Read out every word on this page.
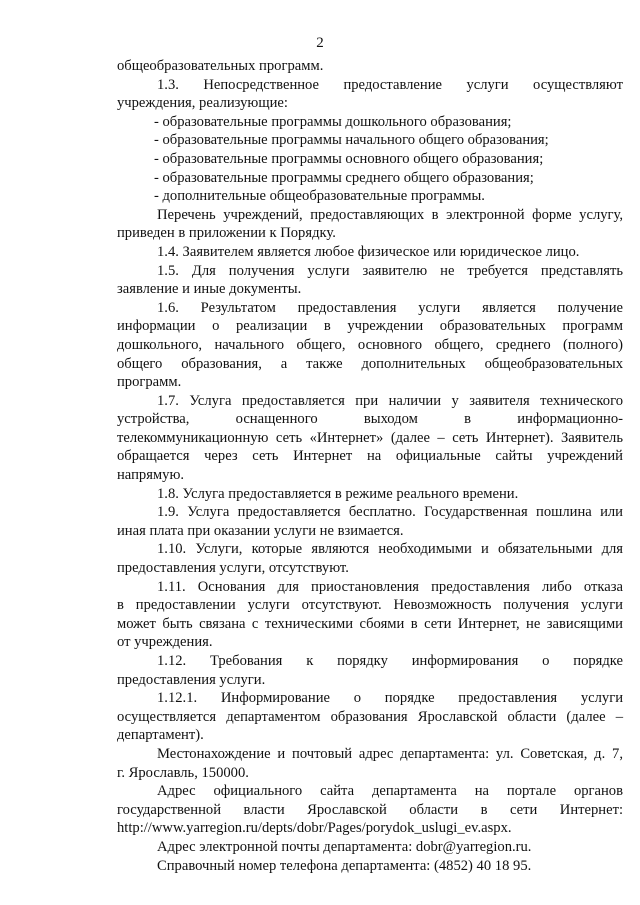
2
общеобразовательных программ.
1.3. Непосредственное предоставление услуги осуществляют
учреждения, реализующие:
- образовательные программы дошкольного образования;
- образовательные программы начального общего образования;
- образовательные программы основного общего образования;
- образовательные программы среднего общего образования;
- дополнительные общеобразовательные программы.
Перечень учреждений, предоставляющих в электронной форме услугу,
приведен в приложении к Порядку.
1.4. Заявителем является любое физическое или юридическое лицо.
1.5. Для получения услуги заявителю не требуется представлять
заявление и иные документы.
1.6. Результатом предоставления услуги является получение
информации о реализации в учреждении образовательных программ
дошкольного, начального общего, основного общего, среднего (полного)
общего образования, а также дополнительных общеобразовательных
программ.
1.7. Услуга предоставляется при наличии у заявителя технического
устройства, оснащенного выходом в информационно-
телекоммуникационную сеть «Интернет» (далее – сеть Интернет). Заявитель
обращается через сеть Интернет на официальные сайты учреждений
напрямую.
1.8. Услуга предоставляется в режиме реального времени.
1.9. Услуга предоставляется бесплатно. Государственная пошлина или
иная плата при оказании услуги не взимается.
1.10. Услуги, которые являются необходимыми и обязательными для
предоставления услуги, отсутствуют.
1.11. Основания для приостановления предоставления либо отказа
в предоставлении услуги отсутствуют. Невозможность получения услуги
может быть связана с техническими сбоями в сети Интернет, не зависящими
от учреждения.
1.12. Требования к порядку информирования о порядке
предоставления услуги.
1.12.1. Информирование о порядке предоставления услуги
осуществляется департаментом образования Ярославской области (далее –
департамент).
Местонахождение и почтовый адрес департамента: ул. Советская, д. 7,
г. Ярославль, 150000.
Адрес официального сайта департамента на портале органов
государственной власти Ярославской области в сети Интернет:
http://www.yarregion.ru/depts/dobr/Pages/porydok_uslugi_ev.aspx.
Адрес электронной почты департамента: dobr@yarregion.ru.
Справочный номер телефона департамента: (4852) 40 18 95.
